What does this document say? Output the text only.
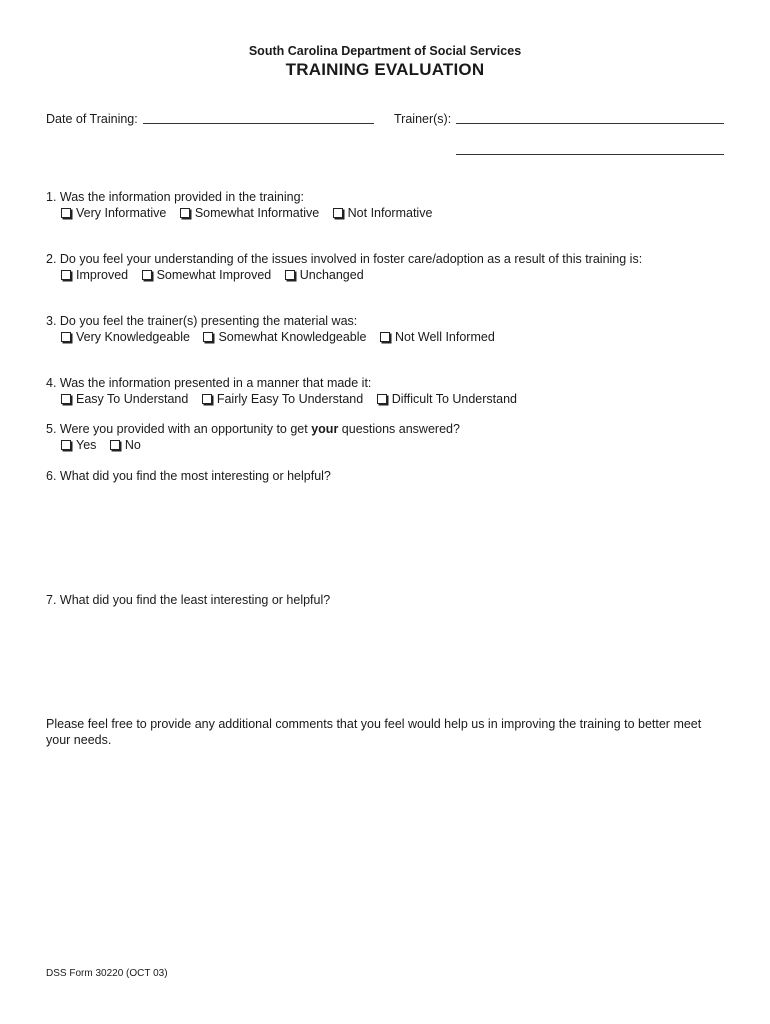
South Carolina Department of Social Services
TRAINING EVALUATION
Date of Training:	Trainer(s):
1. Was the information provided in the training:
Very Informative Somewhat Informative Not Informative
2. Do you feel your understanding of the issues involved in foster care/adoption as a result of this training is:
Improved Somewhat Improved Unchanged
3. Do you feel the trainer(s) presenting the material was:
Very Knowledgeable Somewhat Knowledgeable Not Well Informed
4. Was the information presented in a manner that made it:
Easy To Understand Fairly Easy To Understand Difficult To Understand
5. Were you provided with an opportunity to get your questions answered?
Yes No
6. What did you find the most interesting or helpful?
7. What did you find the least interesting or helpful?
Please feel free to provide any additional comments that you feel would help us in improving the training to better meet your needs.
DSS Form 30220 (OCT 03)
